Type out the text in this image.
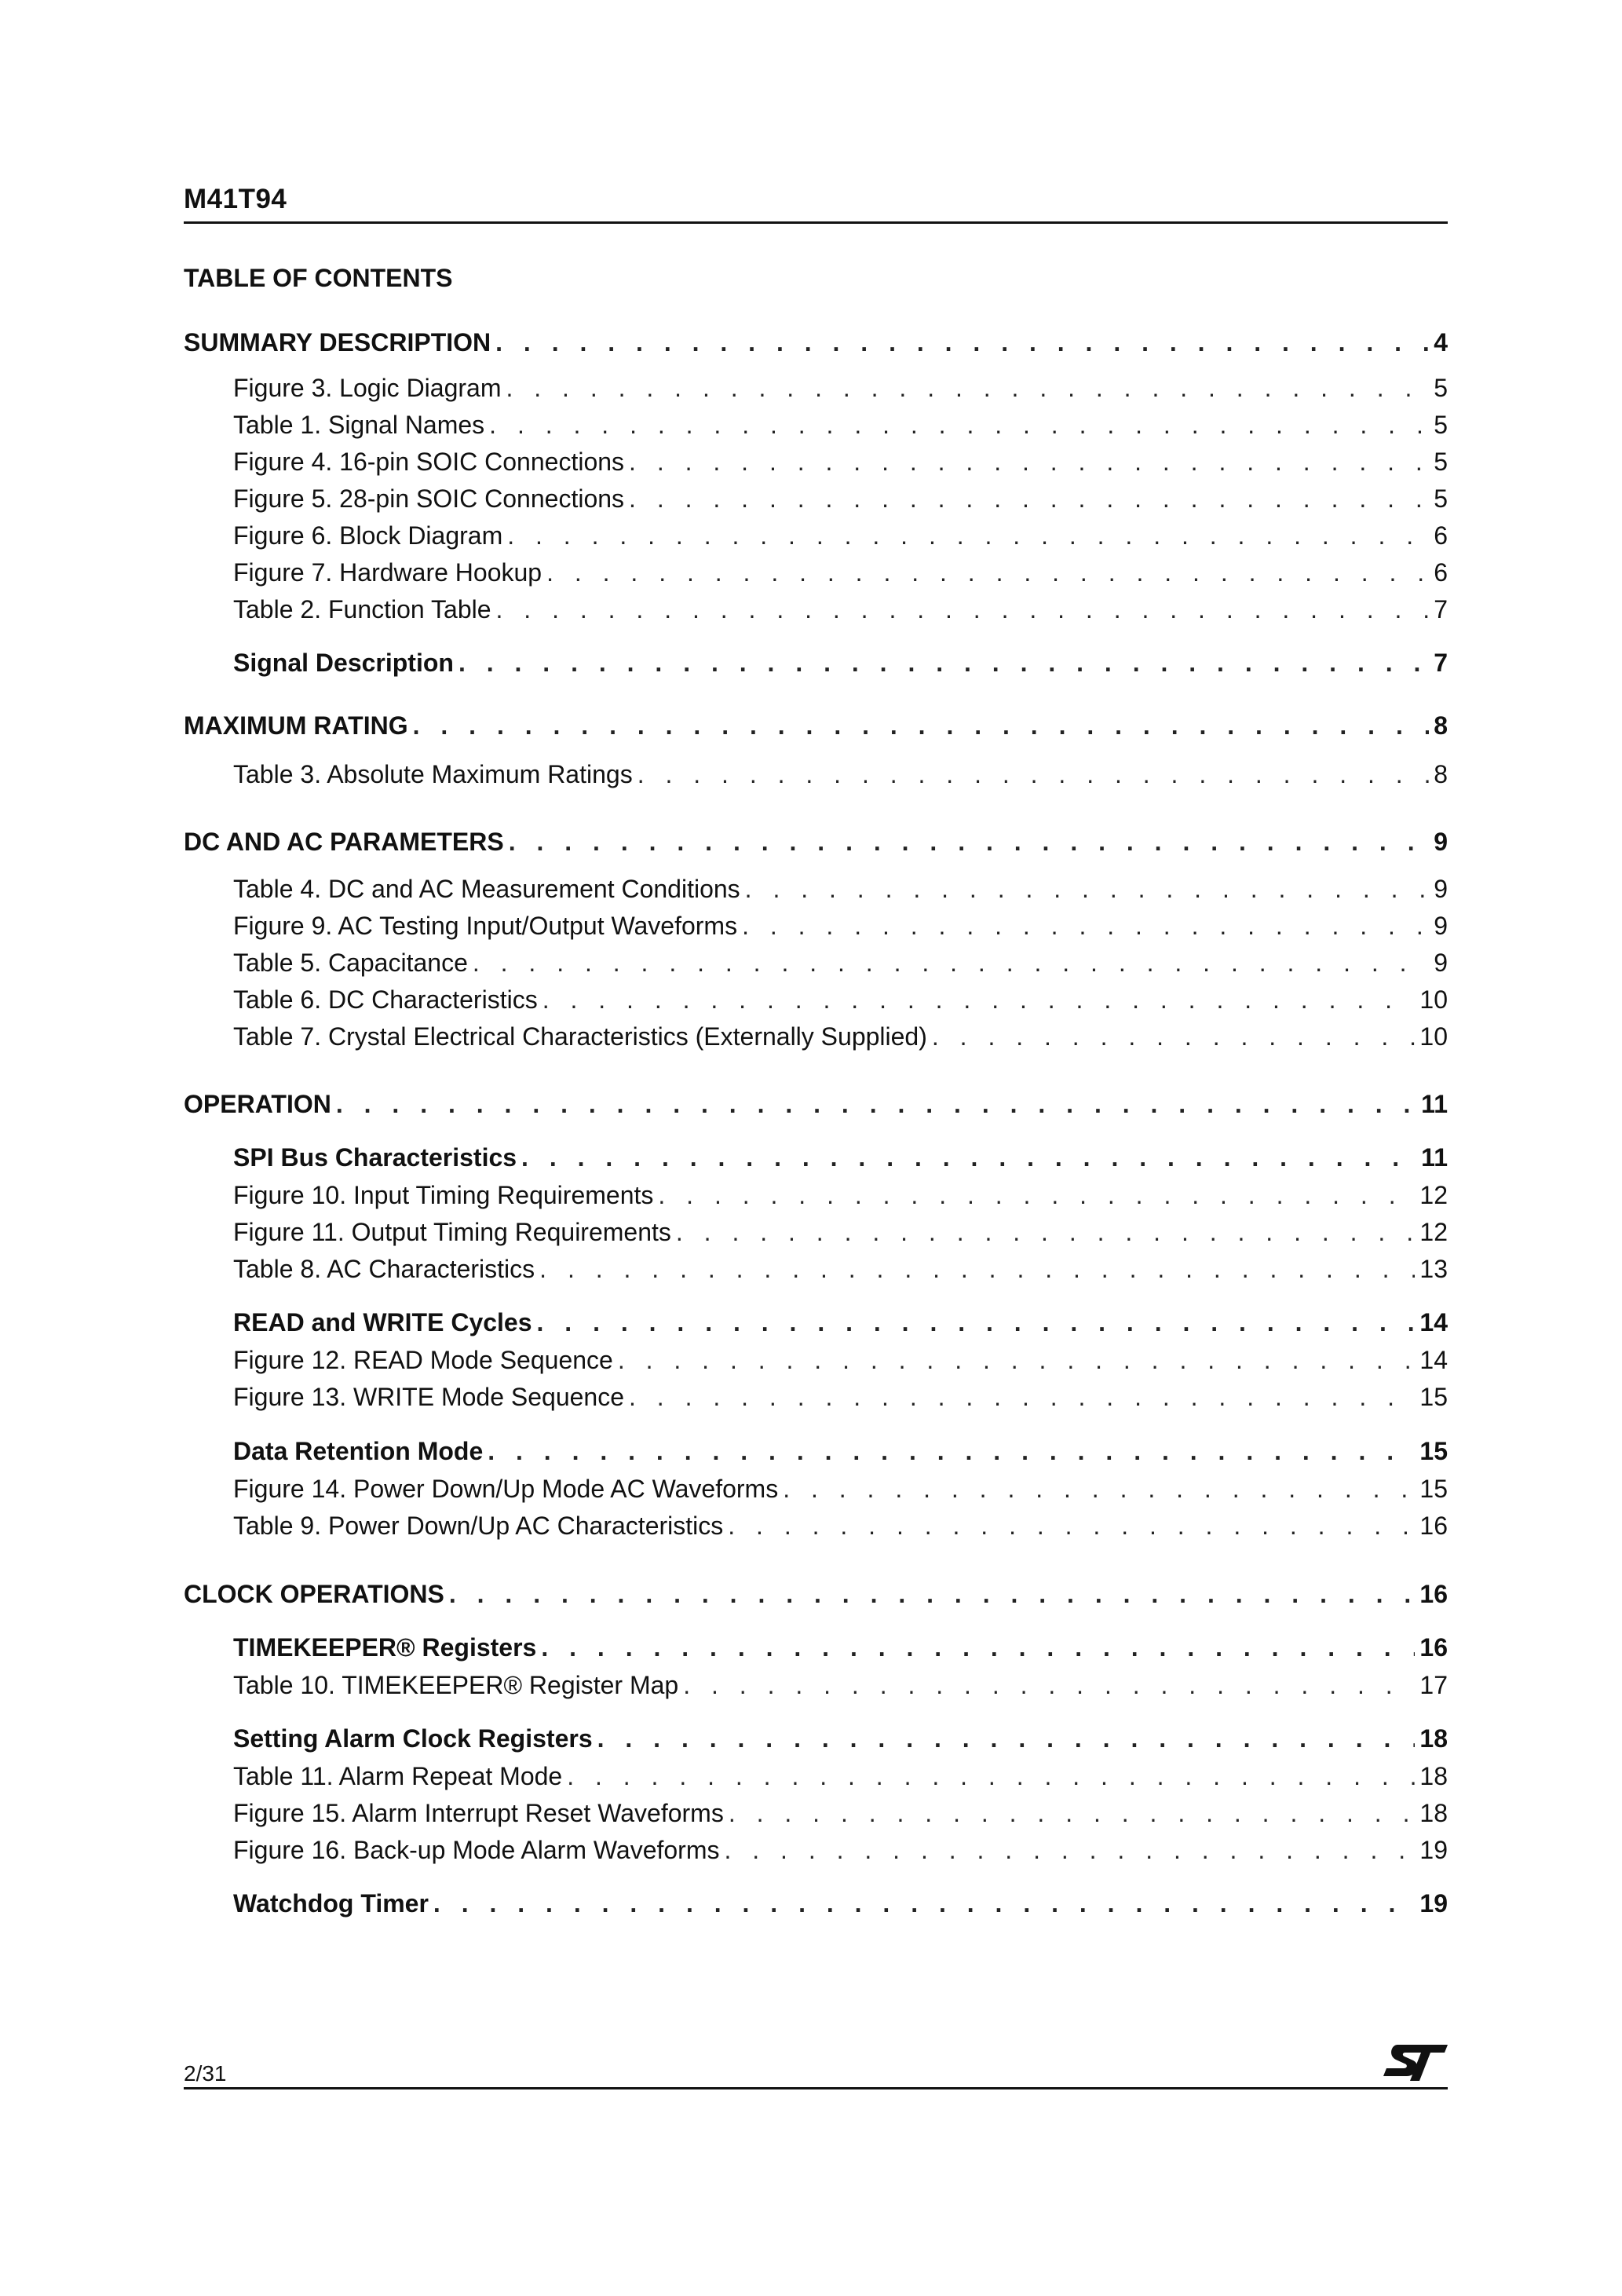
M41T94
TABLE OF CONTENTS
SUMMARY DESCRIPTION . . .	4
Figure 3. Logic Diagram . . .	5
Table 1. Signal Names . . .	5
Figure 4. 16-pin SOIC Connections . . .	5
Figure 5. 28-pin SOIC Connections . . .	5
Figure 6. Block Diagram . . .	6
Figure 7. Hardware Hookup . . .	6
Table 2. Function Table . . .	7
Signal Description . . .	7
MAXIMUM RATING . . .	8
Table 3. Absolute Maximum Ratings . . .	8
DC AND AC PARAMETERS . . .	9
Table 4. DC and AC Measurement Conditions . . .	9
Figure 9. AC Testing Input/Output Waveforms . . .	9
Table 5. Capacitance . . .	9
Table 6. DC Characteristics . . .	10
Table 7. Crystal Electrical Characteristics (Externally Supplied) . . .	10
OPERATION . . .	11
SPI Bus Characteristics . . .	11
Figure 10. Input Timing Requirements . . .	12
Figure 11. Output Timing Requirements . . .	12
Table 8. AC Characteristics . . .	13
READ and WRITE Cycles . . .	14
Figure 12. READ Mode Sequence . . .	14
Figure 13. WRITE Mode Sequence . . .	15
Data Retention Mode . . .	15
Figure 14. Power Down/Up Mode AC Waveforms . . .	15
Table 9. Power Down/Up AC Characteristics . . .	16
CLOCK OPERATIONS . . .	16
TIMEKEEPER® Registers . . .	16
Table 10. TIMEKEEPER® Register Map . . .	17
Setting Alarm Clock Registers . . .	18
Table 11. Alarm Repeat Mode . . .	18
Figure 15. Alarm Interrupt Reset Waveforms . . .	18
Figure 16. Back-up Mode Alarm Waveforms . . .	19
Watchdog Timer . . .	19
2/31
